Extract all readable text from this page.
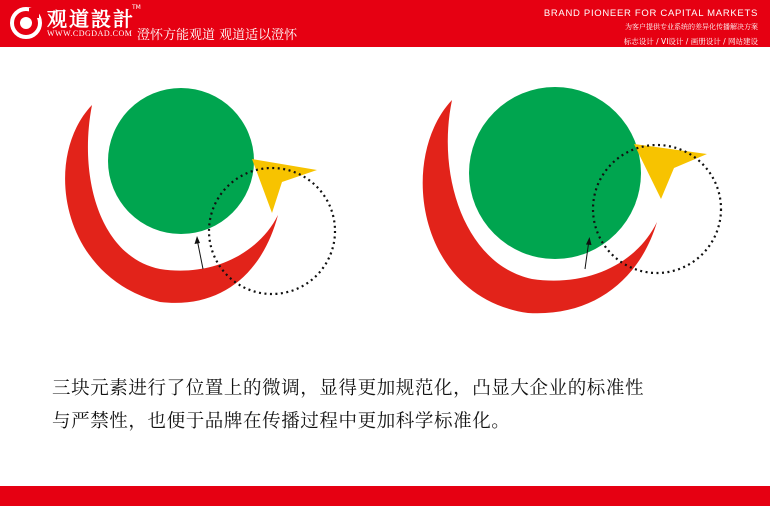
观道設計
TM
WWW.CDGDAD.COM 澄怀方能观道 观道适以澄怀
BRAND PIONEER FOR CAPITAL MARKETS
为客户提供专业系统的差异化传播解决方案
标志设计 / VI设计 / 画册设计 / 网站建设

三块元素进行了位置上的微调，显得更加规范化，凸显大企业的标准性

与严禁性，也便于品牌在传播过程中更加科学标准化。
